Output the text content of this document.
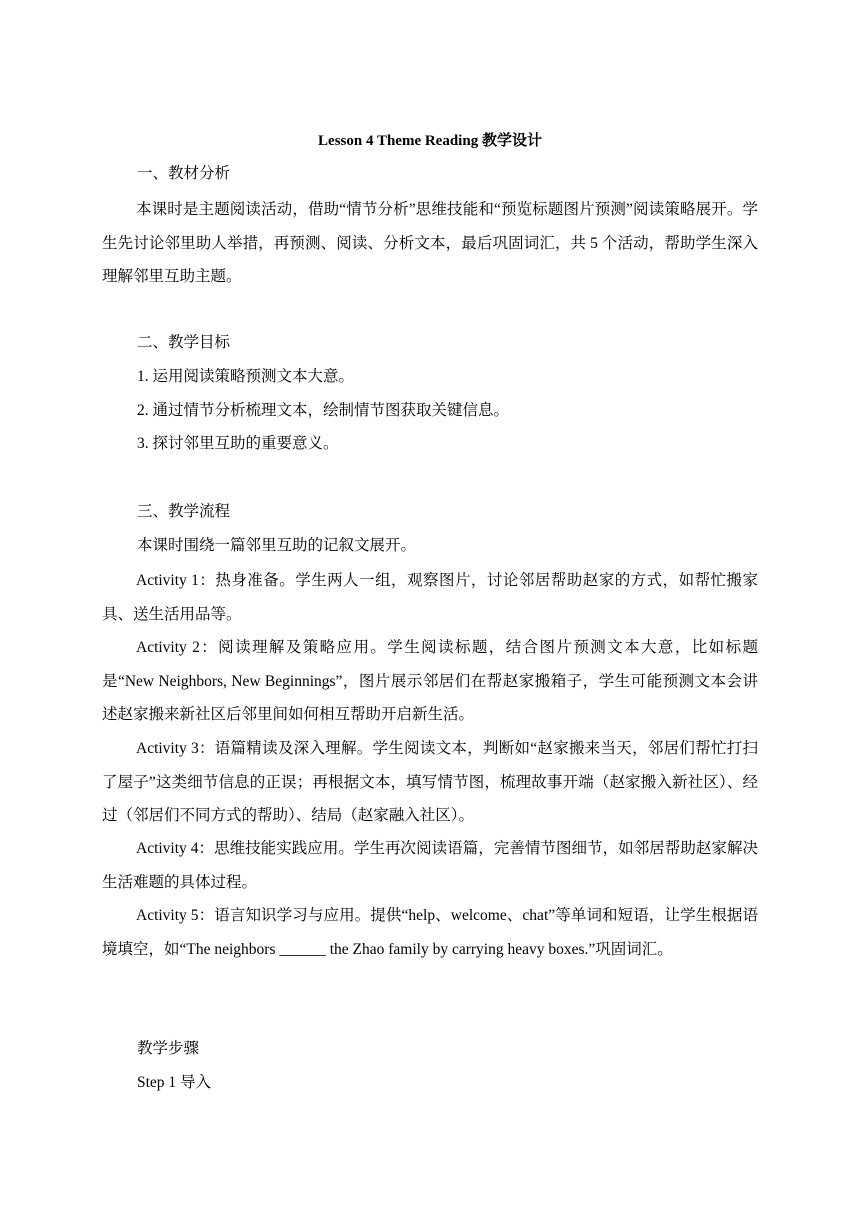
Lesson 4 Theme Reading 教学设计
一、教材分析

本课时是主题阅读活动，借助“情节分析”思维技能和“预览标题图片预测”阅读策略展开。学生先讨论邻里助人举措，再预测、阅读、分析文本，最后巩固词汇，共 5 个活动，帮助学生深入理解邻里互助主题。

二、教学目标
1. 运用阅读策略预测文本大意。
2. 通过情节分析梳理文本，绘制情节图获取关键信息。
3. 探讨邻里互助的重要意义。
三、教学流程
本课时围绕一篇邻里互助的记叙文展开。

Activity 1：热身准备。学生两人一组，观察图片，讨论邻居帮助赵家的方式，如帮忙搬家具、送生活用品等。

Activity 2：阅读理解及策略应用。学生阅读标题，结合图片预测文本大意，比如标题是“New Neighbors, New Beginnings”，图片展示邻居们在帮赵家搬箱子，学生可能预测文本会讲述赵家搬来新社区后邻里间如何相互帮助开启新生活。

Activity 3：语篇精读及深入理解。学生阅读文本，判断如“赵家搬来当天，邻居们帮忙打扫了屋子”这类细节信息的正误；再根据文本，填写情节图，梳理故事开端（赵家搬入新社区）、经过（邻居们不同方式的帮助）、结局（赵家融入社区）。

Activity 4：思维技能实践应用。学生再次阅读语篇，完善情节图细节，如邻居帮助赵家解决生活难题的具体过程。

Activity 5：语言知识学习与应用。提供“help、welcome、chat”等单词和短语，让学生根据语境填空，如“The neighbors ______ the Zhao family by carrying heavy boxes.”巩固词汇。

教学步骤
Step 1 导入
